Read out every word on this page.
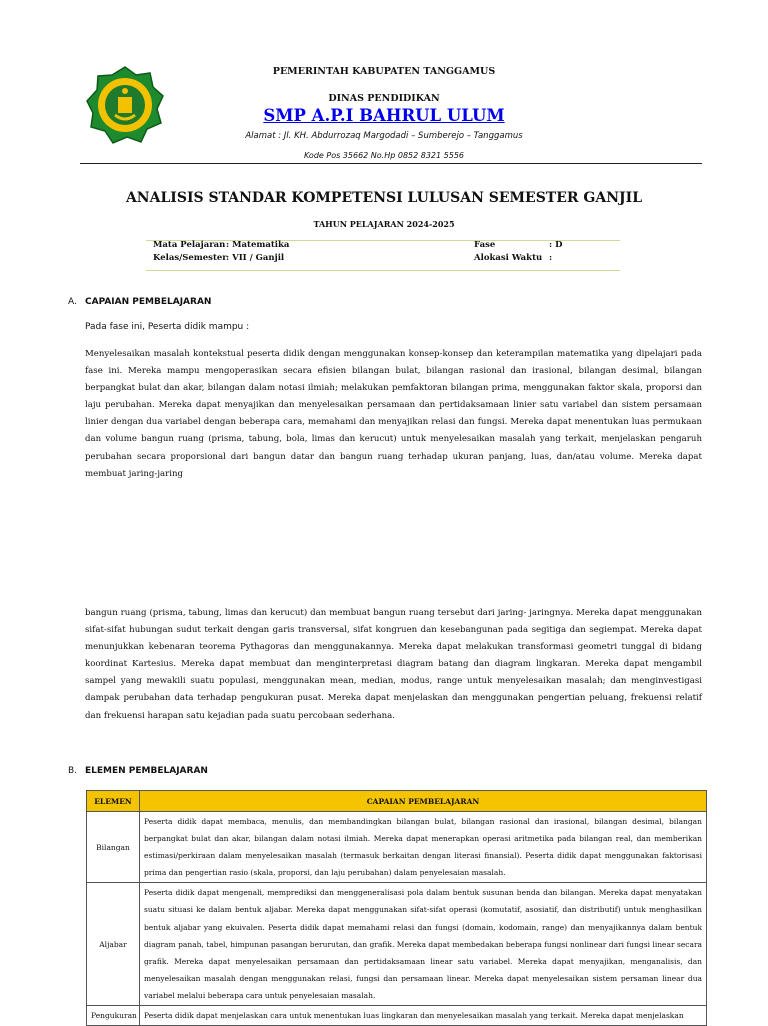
PEMERINTAH KABUPATEN TANGGAMUS
DINAS PENDIDIKAN
SMP A.P.I BAHRUL ULUM
Alamat : Jl. KH. Abdurrozaq Margodadi – Sumberejo – Tanggamus
Kode Pos 35662 No.Hp 0852 8321 5556
ANALISIS STANDAR KOMPETENSI LULUSAN SEMESTER GANJIL
TAHUN PELAJARAN 2024-2025
Mata Pelajaran : Matematika	Fase	: D
Kelas/Semester : VII / Ganjil	Alokasi Waktu :
A. CAPAIAN PEMBELAJARAN
Pada fase ini, Peserta didik mampu :
Menyelesaikan masalah kontekstual peserta didik dengan menggunakan konsep-konsep dan keterampilan matematika yang dipelajari pada fase ini. Mereka mampu mengoperasikan secara efisien bilangan bulat, bilangan rasional dan irasional, bilangan desimal, bilangan berpangkat bulat dan akar, bilangan dalam notasi ilmiah; melakukan pemfaktoran bilangan prima, menggunakan faktor skala, proporsi dan laju perubahan. Mereka dapat menyajikan dan menyelesaikan persamaan dan pertidaksamaan linier satu variabel dan sistem persamaan linier dengan dua variabel dengan beberapa cara, memahami dan menyajikan relasi dan fungsi. Mereka dapat menentukan luas permukaan dan volume bangun ruang (prisma, tabung, bola, limas dan kerucut) untuk menyelesaikan masalah yang terkait, menjelaskan pengaruh perubahan secara proporsional dari bangun datar dan bangun ruang terhadap ukuran panjang, luas, dan/atau volume. Mereka dapat membuat jaring-jaring
bangun ruang (prisma, tabung, limas dan kerucut) dan membuat bangun ruang tersebut dari jaring- jaringnya. Mereka dapat menggunakan sifat-sifat hubungan sudut terkait dengan garis transversal, sifat kongruen dan kesebangunan pada segitiga dan segiempat. Mereka dapat menunjukkan kebenaran teorema Pythagoras dan menggunakannya. Mereka dapat melakukan transformasi geometri tunggal di bidang koordinat Kartesius. Mereka dapat membuat dan menginterpretasi diagram batang dan diagram lingkaran. Mereka dapat mengambil sampel yang mewakili suatu populasi, menggunakan mean, median, modus, range untuk menyelesaikan masalah; dan menginvestigasi dampak perubahan data terhadap pengukuran pusat. Mereka dapat menjelaskan dan menggunakan pengertian peluang, frekuensi relatif dan frekuensi harapan satu kejadian pada suatu percobaan sederhana.
B. ELEMEN PEMBELAJARAN
ELEMEN	CAPAIAN PEMBELAJARAN
Bilangan	Peserta didik dapat membaca, menulis, dan membandingkan bilangan bulat, bilangan rasional dan irasional, bilangan desimal, bilangan berpangkat bulat dan akar, bilangan dalam notasi ilmiah. Mereka dapat menerapkan operasi aritmetika pada bilangan real, dan memberikan estimasi/perkiraan dalam menyelesaikan masalah (termasuk berkaitan dengan literasi finansial). Peserta didik dapat menggunakan faktorisasi prima dan pengertian rasio (skala, proporsi, dan laju perubahan) dalam penyelesaian masalah.
Aljabar	Peserta didik dapat mengenali, memprediksi dan menggeneralisasi pola dalam bentuk susunan benda dan bilangan. Mereka dapat menyatakan suatu situasi ke dalam bentuk aljabar. Mereka dapat menggunakan sifat-sifat operasi (komutatif, asosiatif, dan distributif) untuk menghasilkan bentuk aljabar yang ekuivalen. Peserta didik dapat memahami relasi dan fungsi (domain, kodomain, range) dan menyajikannya dalam bentuk diagram panah, tabel, himpunan pasangan berurutan, dan grafik. Mereka dapat membedakan beberapa fungsi nonlinear dari fungsi linear secara grafik. Mereka dapat menyelesaikan persamaan dan pertidaksamaan linear satu variabel. Mereka dapat menyajikan, menganalisis, dan menyelesaikan masalah dengan menggunakan relasi, fungsi dan persamaan linear. Mereka dapat menyelesaikan sistem persaman linear dua variabel melalui beberapa cara untuk penyelesaian masalah.
Pengukuran	Peserta didik dapat menjelaskan cara untuk menentukan luas lingkaran dan menyelesaikan masalah yang terkait. Mereka dapat menjelaskan
